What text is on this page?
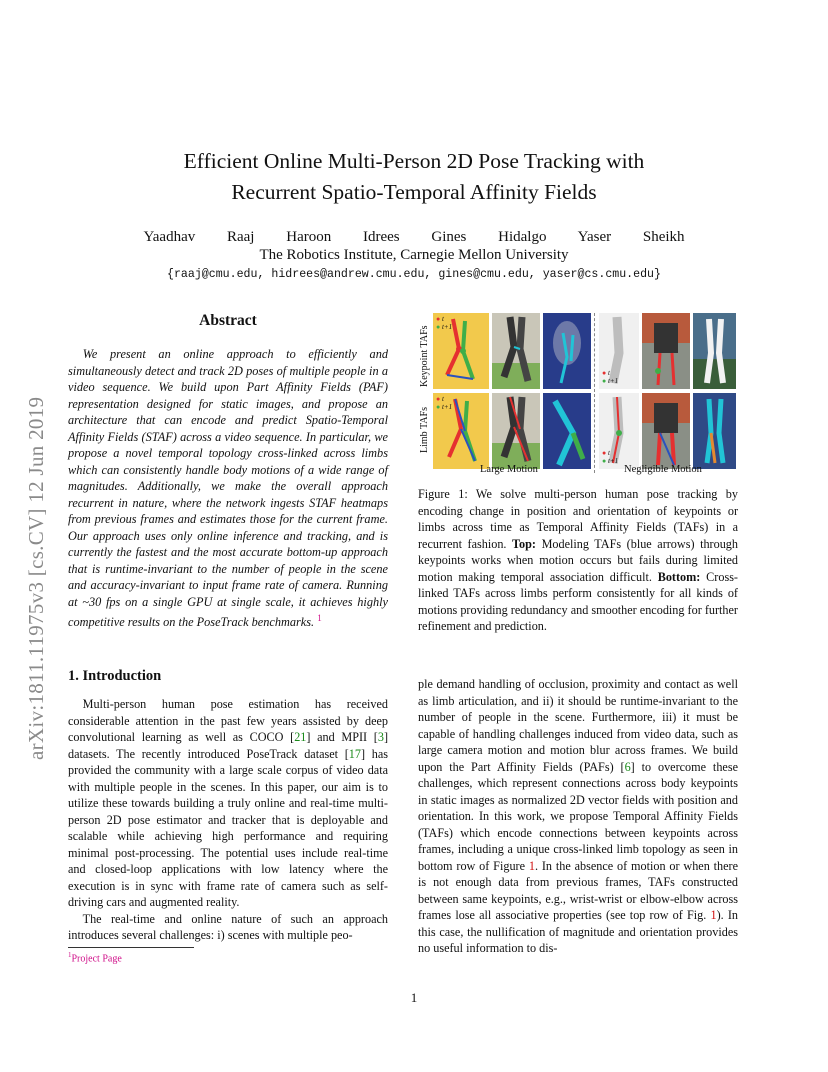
arXiv:1811.11975v3 [cs.CV] 12 Jun 2019
Efficient Online Multi-Person 2D Pose Tracking with
Recurrent Spatio-Temporal Affinity Fields
Yaadhav Raaj Haroon Idrees Gines Hidalgo Yaser Sheikh
The Robotics Institute, Carnegie Mellon University
{raaj@cmu.edu, hidrees@andrew.cmu.edu, gines@cmu.edu, yaser@cs.cmu.edu}
Abstract
We present an online approach to efficiently and simultaneously detect and track 2D poses of multiple people in a video sequence. We build upon Part Affinity Fields (PAF) representation designed for static images, and propose an architecture that can encode and predict Spatio-Temporal Affinity Fields (STAF) across a video sequence. In particular, we propose a novel temporal topology cross-linked across limbs which can consistently handle body motions of a wide range of magnitudes. Additionally, we make the overall approach recurrent in nature, where the network ingests STAF heatmaps from previous frames and estimates those for the current frame. Our approach uses only online inference and tracking, and is currently the fastest and the most accurate bottom-up approach that is runtime-invariant to the number of people in the scene and accuracy-invariant to input frame rate of camera. Running at ~30 fps on a single GPU at single scale, it achieves highly competitive results on the PoseTrack benchmarks. $^1$
Keypoint TAFs
Limb TAFs
● t
● t+1
● t
● t+1
● t
● t+1
● t
● t+1
Large Motion	Negligible Motion
Figure 1: We solve multi-person human pose tracking by encoding change in position and orientation of keypoints or limbs across time as Temporal Affinity Fields (TAFs) in a recurrent fashion. Top: Modeling TAFs (blue arrows) through keypoints works when motion occurs but fails during limited motion making temporal association difficult. Bottom: Cross-linked TAFs across limbs perform consistently for all kinds of motions providing redundancy and smoother encoding for further refinement and prediction.
1. Introduction

Multi-person human pose estimation has received considerable attention in the past few years assisted by deep convolutional learning as well as COCO [21] and MPII [3] datasets. The recently introduced PoseTrack dataset [17] has provided the community with a large scale corpus of video data with multiple people in the scenes. In this paper, our aim is to utilize these towards building a truly online and real-time multi-person 2D pose estimator and tracker that is deployable and scalable while achieving high performance and requiring minimal post-processing. The potential uses include real-time and closed-loop applications with low latency where the execution is in sync with frame rate of camera such as self-driving cars and augmented reality.

The real-time and online nature of such an approach introduces several challenges: i) scenes with multiple peo-

$^1$Project Page
ple demand handling of occlusion, proximity and contact as well as limb articulation, and ii) it should be runtime-invariant to the number of people in the scene. Furthermore, iii) it must be capable of handling challenges induced from video data, such as large camera motion and motion blur across frames. We build upon the Part Affinity Fields (PAFs) [6] to overcome these challenges, which represent connections across body keypoints in static images as normalized 2D vector fields with position and orientation. In this work, we propose Temporal Affinity Fields (TAFs) which encode connections between keypoints across frames, including a unique cross-linked limb topology as seen in bottom row of Figure 1. In the absence of motion or when there is not enough data from previous frames, TAFs constructed between same keypoints, e.g., wrist-wrist or elbow-elbow across frames lose all associative properties (see top row of Fig. 1). In this case, the nullification of magnitude and orientation provides no useful information to dis-
1
